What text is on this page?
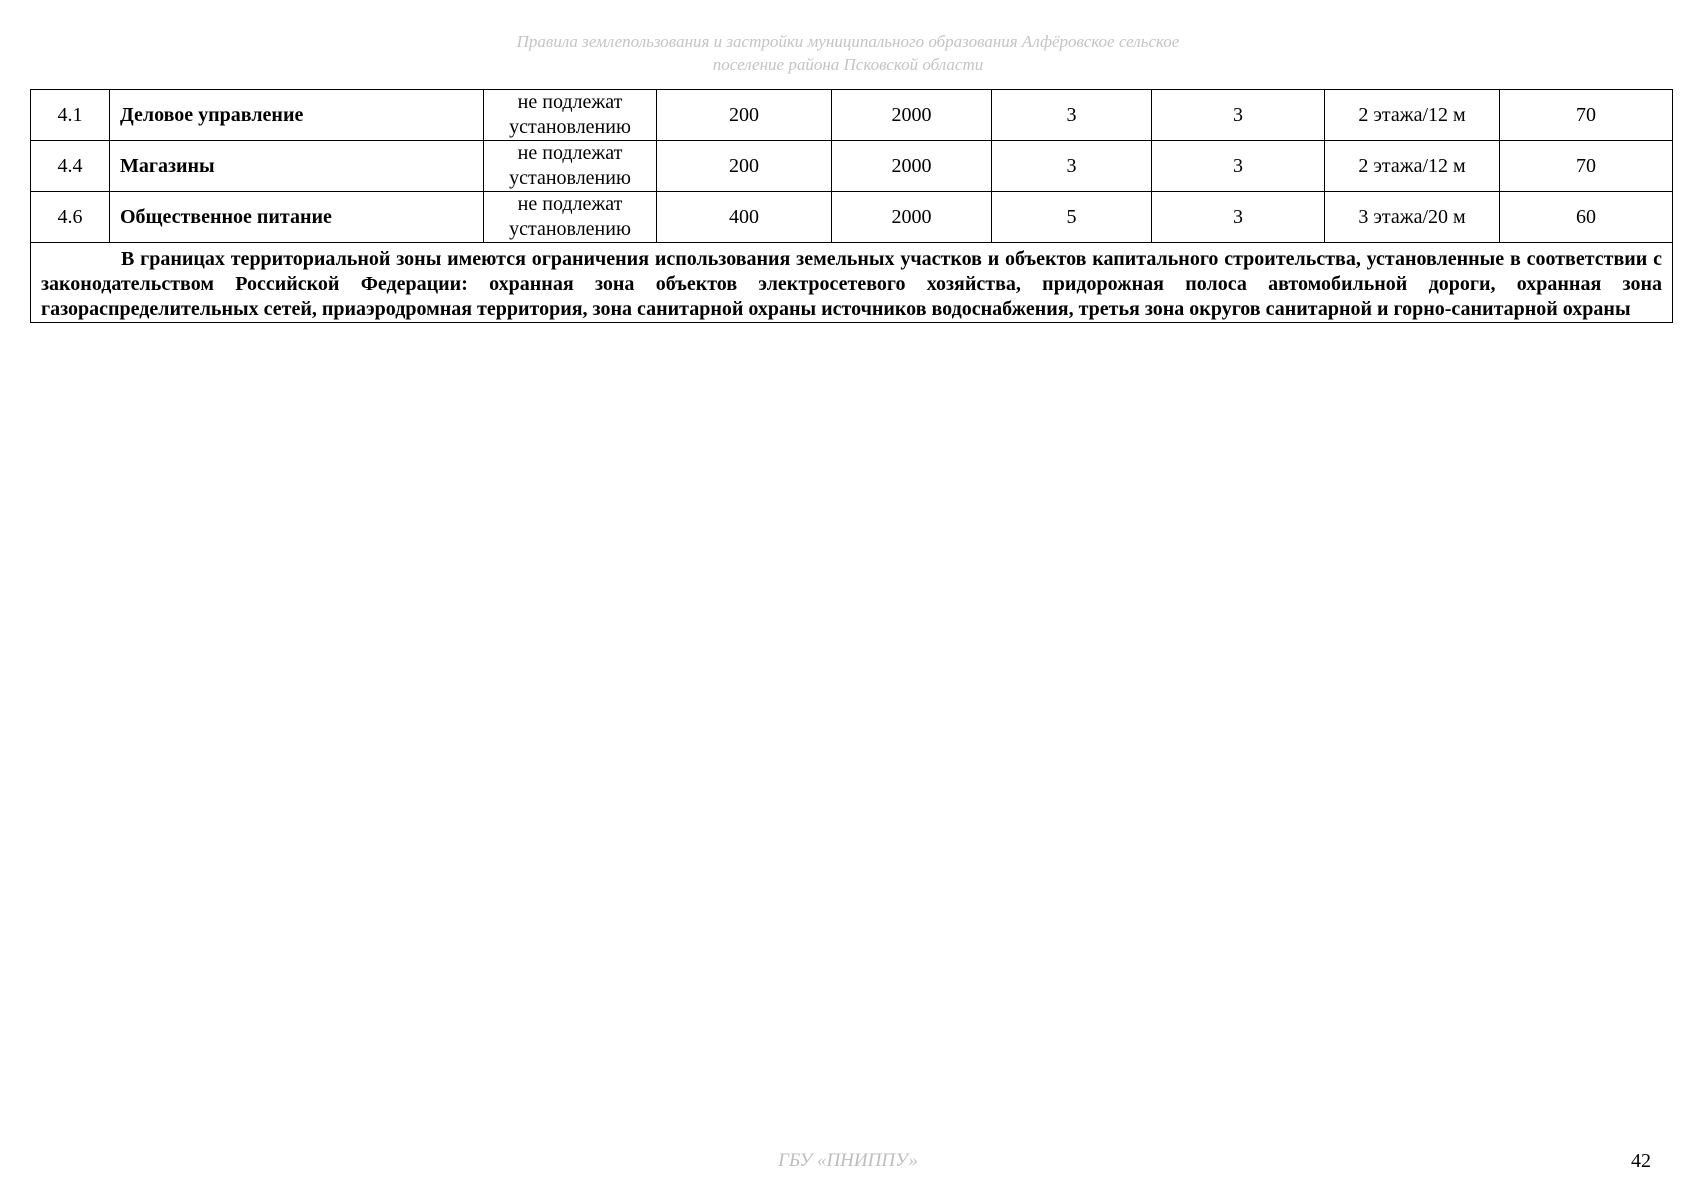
Правила землепользования и застройки муниципального образования Алфёровское сельское
поселение района Псковской области
4.1	Деловое управление	не подлежат установлению	200	2000	3	3	2 этажа/12 м	70
4.4	Магазины	не подлежат установлению	200	2000	3	3	2 этажа/12 м	70
4.6	Общественное питание	не подлежат установлению	400	2000	5	3	3 этажа/20 м	60

В границах территориальной зоны имеются ограничения использования земельных участков и объектов капитального строительства, установленные в соответствии с законодательством Российской Федерации: охранная зона объектов электросетевого хозяйства, придорожная полоса автомобильной дороги, охранная зона газораспределительных сетей, приаэродромная территория, зона санитарной охраны источников водоснабжения, третья зона округов санитарной и горно-санитарной охраны								
ГБУ «ПНИППУ»	42
